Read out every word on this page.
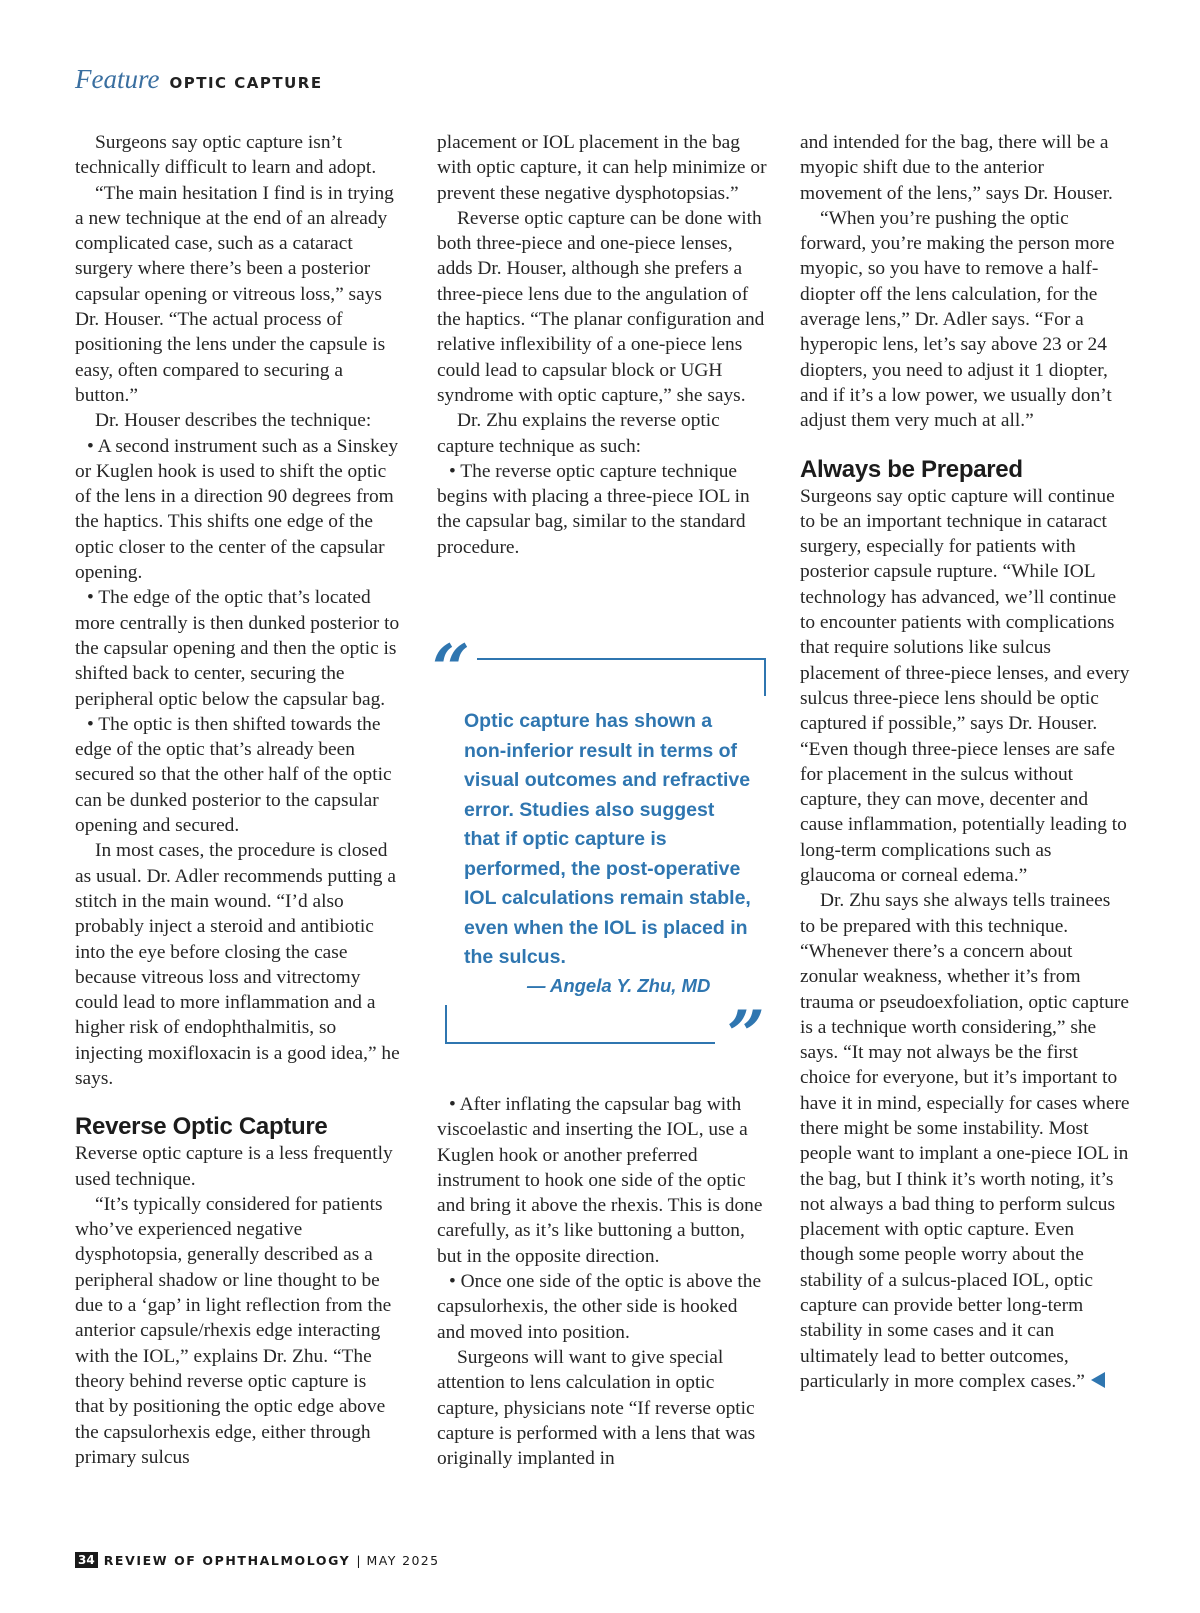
Feature OPTIC CAPTURE

Surgeons say optic capture isn’t technically difficult to learn and adopt.

“The main hesitation I find is in trying a new technique at the end of an already complicated case, such as a cataract surgery where there’s been a posterior capsular opening or vitreous loss,” says Dr. Houser. “The actual process of positioning the lens under the capsule is easy, often compared to securing a button.”

Dr. Houser describes the technique:

• A second instrument such as a Sinskey or Kuglen hook is used to shift the optic of the lens in a direction 90 degrees from the haptics. This shifts one edge of the optic closer to the center of the capsular opening.

• The edge of the optic that’s located more centrally is then dunked posterior to the capsular opening and then the optic is shifted back to center, securing the peripheral optic below the capsular bag.

• The optic is then shifted towards the edge of the optic that’s already been secured so that the other half of the optic can be dunked posterior to the capsular opening and secured.

In most cases, the procedure is closed as usual. Dr. Adler recommends putting a stitch in the main wound. “I’d also probably inject a steroid and antibiotic into the eye before closing the case because vitreous loss and vitrectomy could lead to more inflammation and a higher risk of endophthalmitis, so injecting moxifloxacin is a good idea,” he says.

Reverse Optic Capture

Reverse optic capture is a less frequently used technique.

“It’s typically considered for patients who’ve experienced negative dysphotopsia, generally described as a peripheral shadow or line thought to be due to a ‘gap’ in light reflection from the anterior capsule/rhexis edge interacting with the IOL,” explains Dr. Zhu. “The theory behind reverse optic capture is that by positioning the optic edge above the capsulorhexis edge, either through primary sulcus

placement or IOL placement in the bag with optic capture, it can help minimize or prevent these negative dysphotopsias.”

Reverse optic capture can be done with both three-piece and one-piece lenses, adds Dr. Houser, although she prefers a three-piece lens due to the angulation of the haptics. “The planar configuration and relative inflexibility of a one-piece lens could lead to capsular block or UGH syndrome with optic capture,” she says.

Dr. Zhu explains the reverse optic capture technique as such:

• The reverse optic capture technique begins with placing a three-piece IOL in the capsular bag, similar to the standard procedure.

“
Optic capture has shown a non-inferior result in terms of visual outcomes and refractive error. Studies also suggest that if optic capture is performed, the post-operative IOL calculations remain stable, even when the IOL is placed in the sulcus.
— Angela Y. Zhu, MD
”

• After inflating the capsular bag with viscoelastic and inserting the IOL, use a Kuglen hook or another preferred instrument to hook one side of the optic and bring it above the rhexis. This is done carefully, as it’s like buttoning a button, but in the opposite direction.

• Once one side of the optic is above the capsulorhexis, the other side is hooked and moved into position.

Surgeons will want to give special attention to lens calculation in optic capture, physicians note “If reverse optic capture is performed with a lens that was originally implanted in

and intended for the bag, there will be a myopic shift due to the anterior movement of the lens,” says Dr. Houser.

“When you’re pushing the optic forward, you’re making the person more myopic, so you have to remove a half-diopter off the lens calculation, for the average lens,” Dr. Adler says. “For a hyperopic lens, let’s say above 23 or 24 diopters, you need to adjust it 1 diopter, and if it’s a low power, we usually don’t adjust them very much at all.”

Always be Prepared

Surgeons say optic capture will continue to be an important technique in cataract surgery, especially for patients with posterior capsule rupture. “While IOL technology has advanced, we’ll continue to encounter patients with complications that require solutions like sulcus placement of three-piece lenses, and every sulcus three-piece lens should be optic captured if possible,” says Dr. Houser. “Even though three-piece lenses are safe for placement in the sulcus without capture, they can move, decenter and cause inflammation, potentially leading to long-term complications such as glaucoma or corneal edema.”

Dr. Zhu says she always tells trainees to be prepared with this technique. “Whenever there’s a concern about zonular weakness, whether it’s from trauma or pseudoexfoliation, optic capture is a technique worth considering,” she says. “It may not always be the first choice for everyone, but it’s important to have it in mind, especially for cases where there might be some instability. Most people want to implant a one-piece IOL in the bag, but I think it’s worth noting, it’s not always a bad thing to perform sulcus placement with optic capture. Even though some people worry about the stability of a sulcus-placed IOL, optic capture can provide better long-term stability in some cases and it can ultimately lead to better outcomes, particularly in more complex cases.”

34 REVIEW OF OPHTHALMOLOGY | MAY 2025
